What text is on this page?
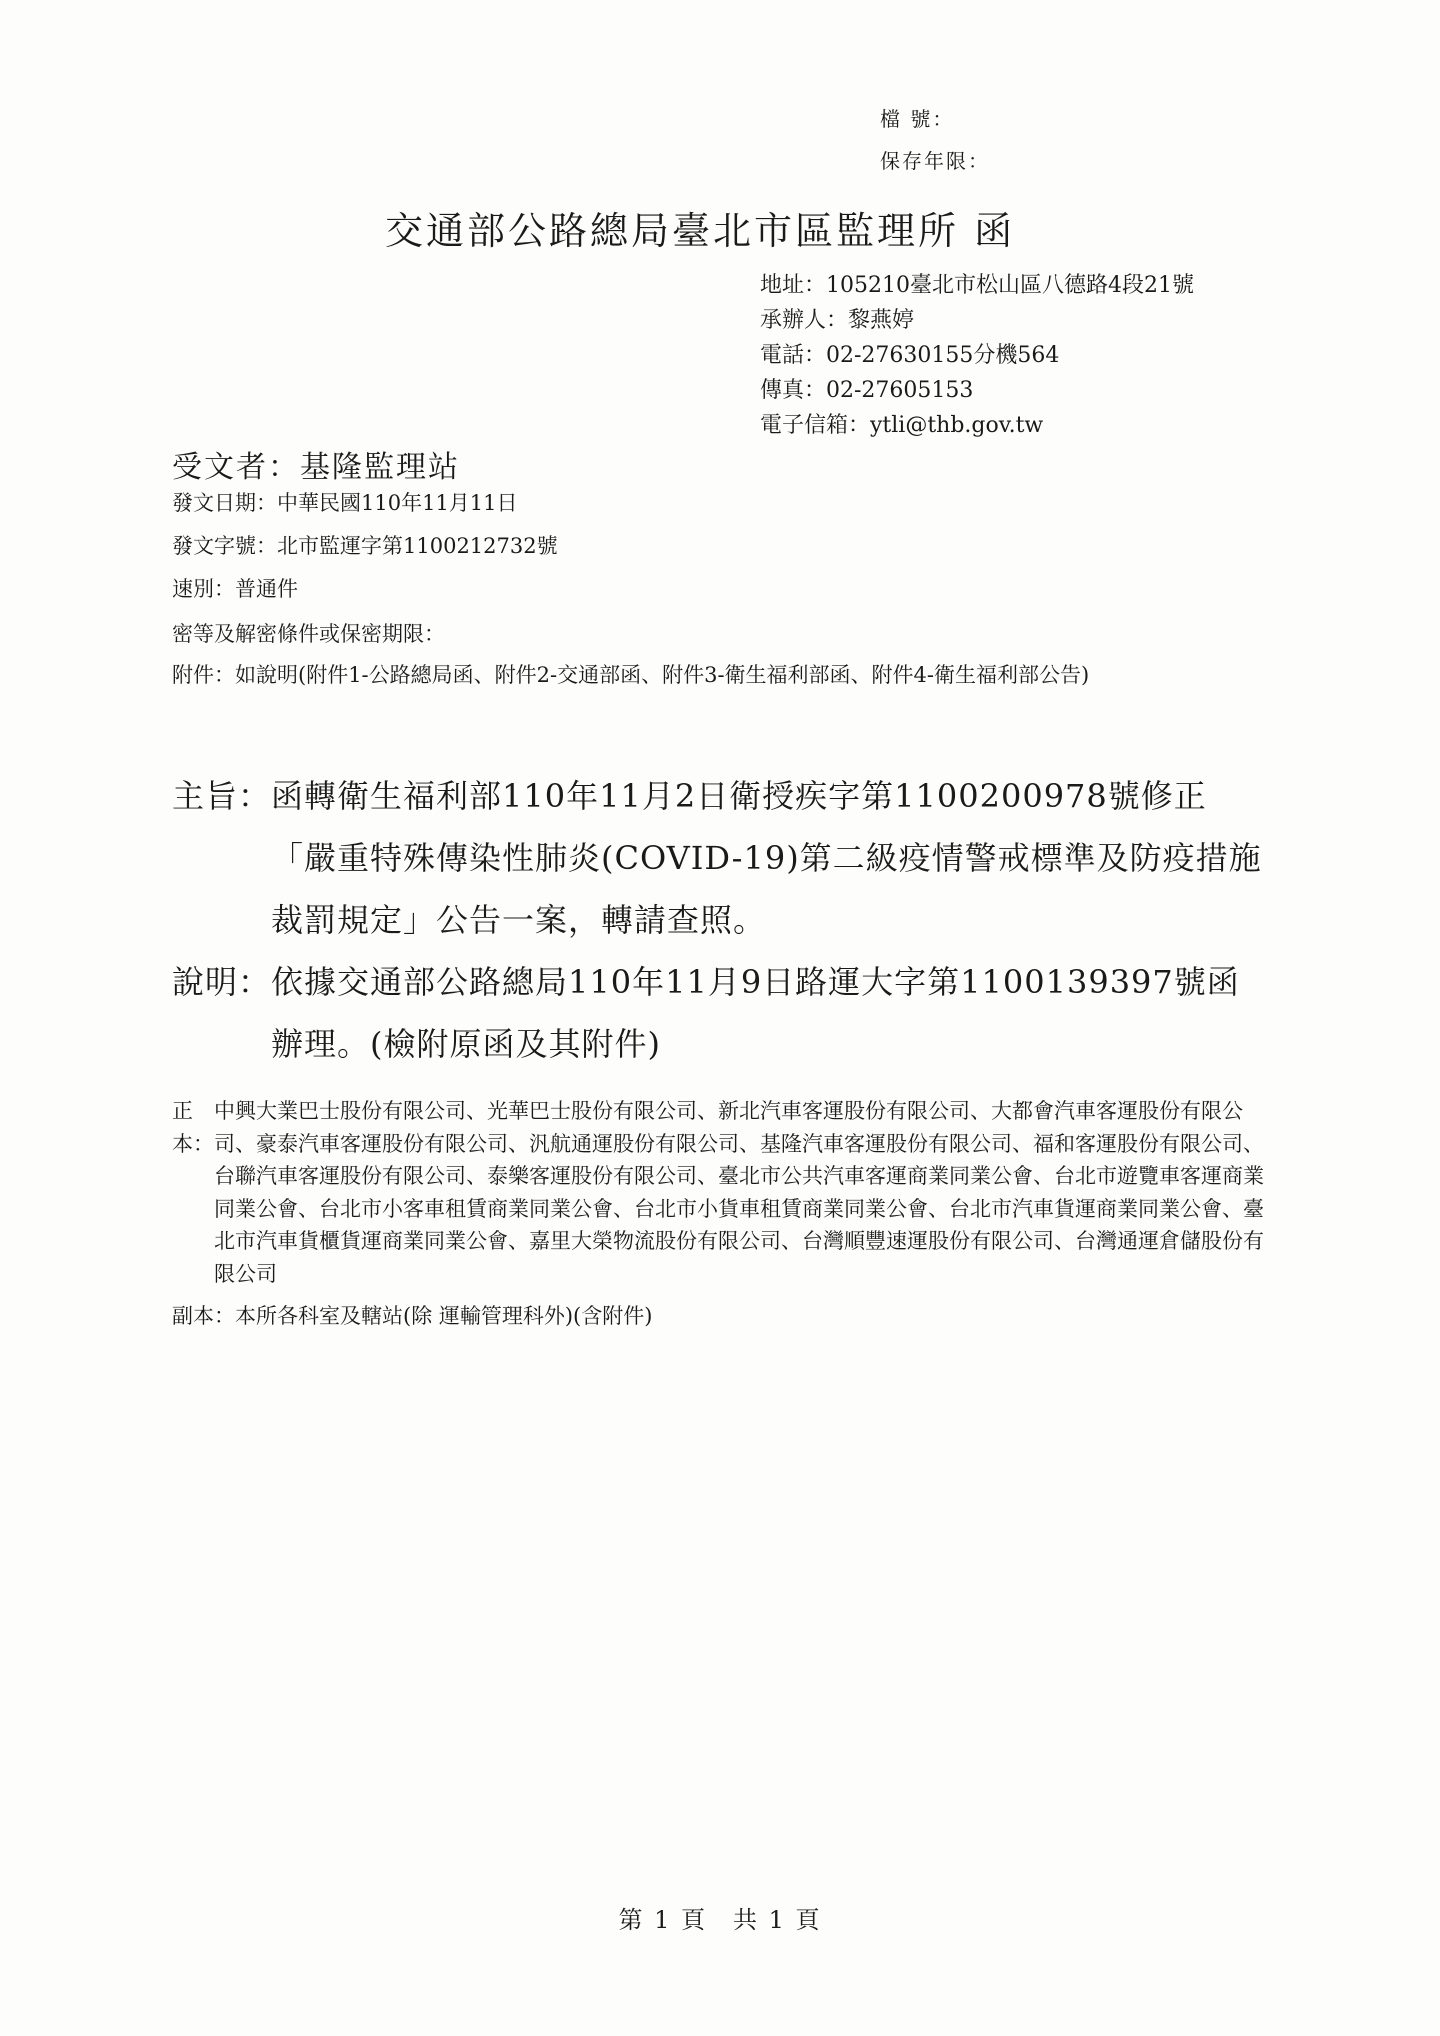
檔 號：
保存年限：
交通部公路總局臺北市區監理所 函
地址：105210臺北市松山區八德路4段21號
承辦人：黎燕婷
電話：02-27630155分機564
傳真：02-27605153
電子信箱：ytli@thb.gov.tw
受文者：基隆監理站
發文日期：中華民國110年11月11日
發文字號：北市監運字第1100212732號
速別：普通件
密等及解密條件或保密期限：
附件： 如說明(附件1-公路總局函、附件2-交通部函、附件3-衛生福利部函、附件4-衛生福利部公告)
主旨： 函轉衛生福利部110年11月2日衛授疾字第1100200978號修正「嚴重特殊傳染性肺炎(COVID-19)第二級疫情警戒標準及防疫措施裁罰規定」公告一案，轉請查照。
說明： 依據交通部公路總局110年11月9日路運大字第1100139397號函辦理。(檢附原函及其附件)
正本：
中興大業巴士股份有限公司、光華巴士股份有限公司、新北汽車客運股份有限公司、大都會汽車客運股份有限公司、豪泰汽車客運股份有限公司、汎航通運股份有限公司、基隆汽車客運股份有限公司、福和客運股份有限公司、台聯汽車客運股份有限公司、泰樂客運股份有限公司、臺北市公共汽車客運商業同業公會、台北市遊覽車客運商業同業公會、台北市小客車租賃商業同業公會、台北市小貨車租賃商業同業公會、台北市汽車貨運商業同業公會、臺北市汽車貨櫃貨運商業同業公會、嘉里大榮物流股份有限公司、台灣順豐速運股份有限公司、台灣通運倉儲股份有限公司
副本： 本所各科室及轄站(除 運輸管理科外)(含附件)
第 1 頁　共 1 頁
